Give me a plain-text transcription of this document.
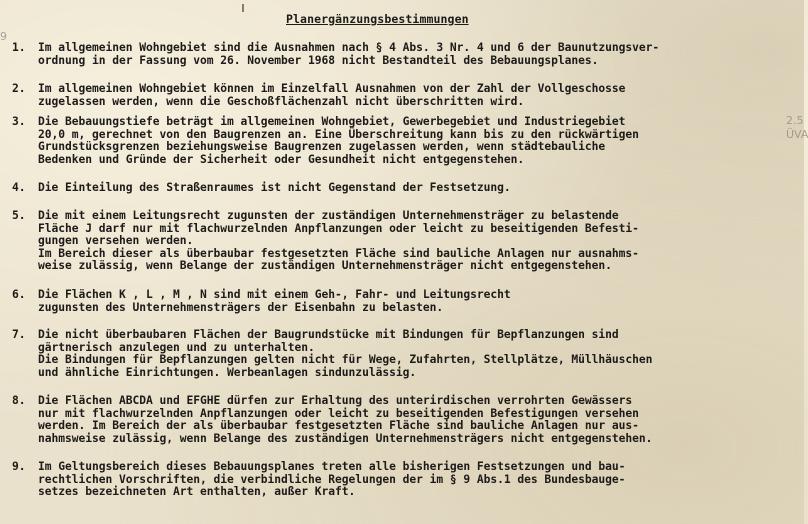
9
2.5
ÜVA
Planergänzungsbestimmungen
1. Im allgemeinen Wohngebiet sind die Ausnahmen nach § 4 Abs. 3 Nr. 4 und 6 der Baunutzungsver-
ordnung in der Fassung vom 26. November 1968 nicht Bestandteil des Bebauungsplanes.
2. Im allgemeinen Wohngebiet können im Einzelfall Ausnahmen von der Zahl der Vollgeschosse
zugelassen werden, wenn die Geschoßflächenzahl nicht überschritten wird.
3. Die Bebauungstiefe beträgt im allgemeinen Wohngebiet, Gewerbegebiet und Industriegebiet
20,0 m, gerechnet von den Baugrenzen an. Eine Überschreitung kann bis zu den rückwärtigen
Grundstücksgrenzen beziehungsweise Baugrenzen zugelassen werden, wenn städtebauliche
Bedenken und Gründe der Sicherheit oder Gesundheit nicht entgegenstehen.
4. Die Einteilung des Straßenraumes ist nicht Gegenstand der Festsetzung.
5. Die mit einem Leitungsrecht zugunsten der zuständigen Unternehmensträger zu belastende
Fläche J darf nur mit flachwurzelnden Anpflanzungen oder leicht zu beseitigenden Befesti-
gungen versehen werden.
Im Bereich dieser als überbaubar festgesetzten Fläche sind bauliche Anlagen nur ausnahms-
weise zulässig, wenn Belange der zuständigen Unternehmensträger nicht entgegenstehen.
6. Die Flächen K , L , M , N sind mit einem Geh-, Fahr- und Leitungsrecht
zugunsten des Unternehmensträgers der Eisenbahn zu belasten.
7. Die nicht überbaubaren Flächen der Baugrundstücke mit Bindungen für Bepflanzungen sind
gärtnerisch anzulegen und zu unterhalten.
Die Bindungen für Bepflanzungen gelten nicht für Wege, Zufahrten, Stellplätze, Müllhäuschen
und ähnliche Einrichtungen. Werbeanlagen sindunzulässig.
8. Die Flächen ABCDA und EFGHE dürfen zur Erhaltung des unterirdischen verrohrten Gewässers
nur mit flachwurzelnden Anpflanzungen oder leicht zu beseitigenden Befestigungen versehen
werden. Im Bereich der als überbaubar festgesetzten Fläche sind bauliche Anlagen nur aus-
nahmsweise zulässig, wenn Belange des zuständigen Unternehmensträgers nicht entgegenstehen.
9. Im Geltungsbereich dieses Bebauungsplanes treten alle bisherigen Festsetzungen und bau-
rechtlichen Vorschriften, die verbindliche Regelungen der im § 9 Abs.1 des Bundesbauge-
setzes bezeichneten Art enthalten, außer Kraft.
